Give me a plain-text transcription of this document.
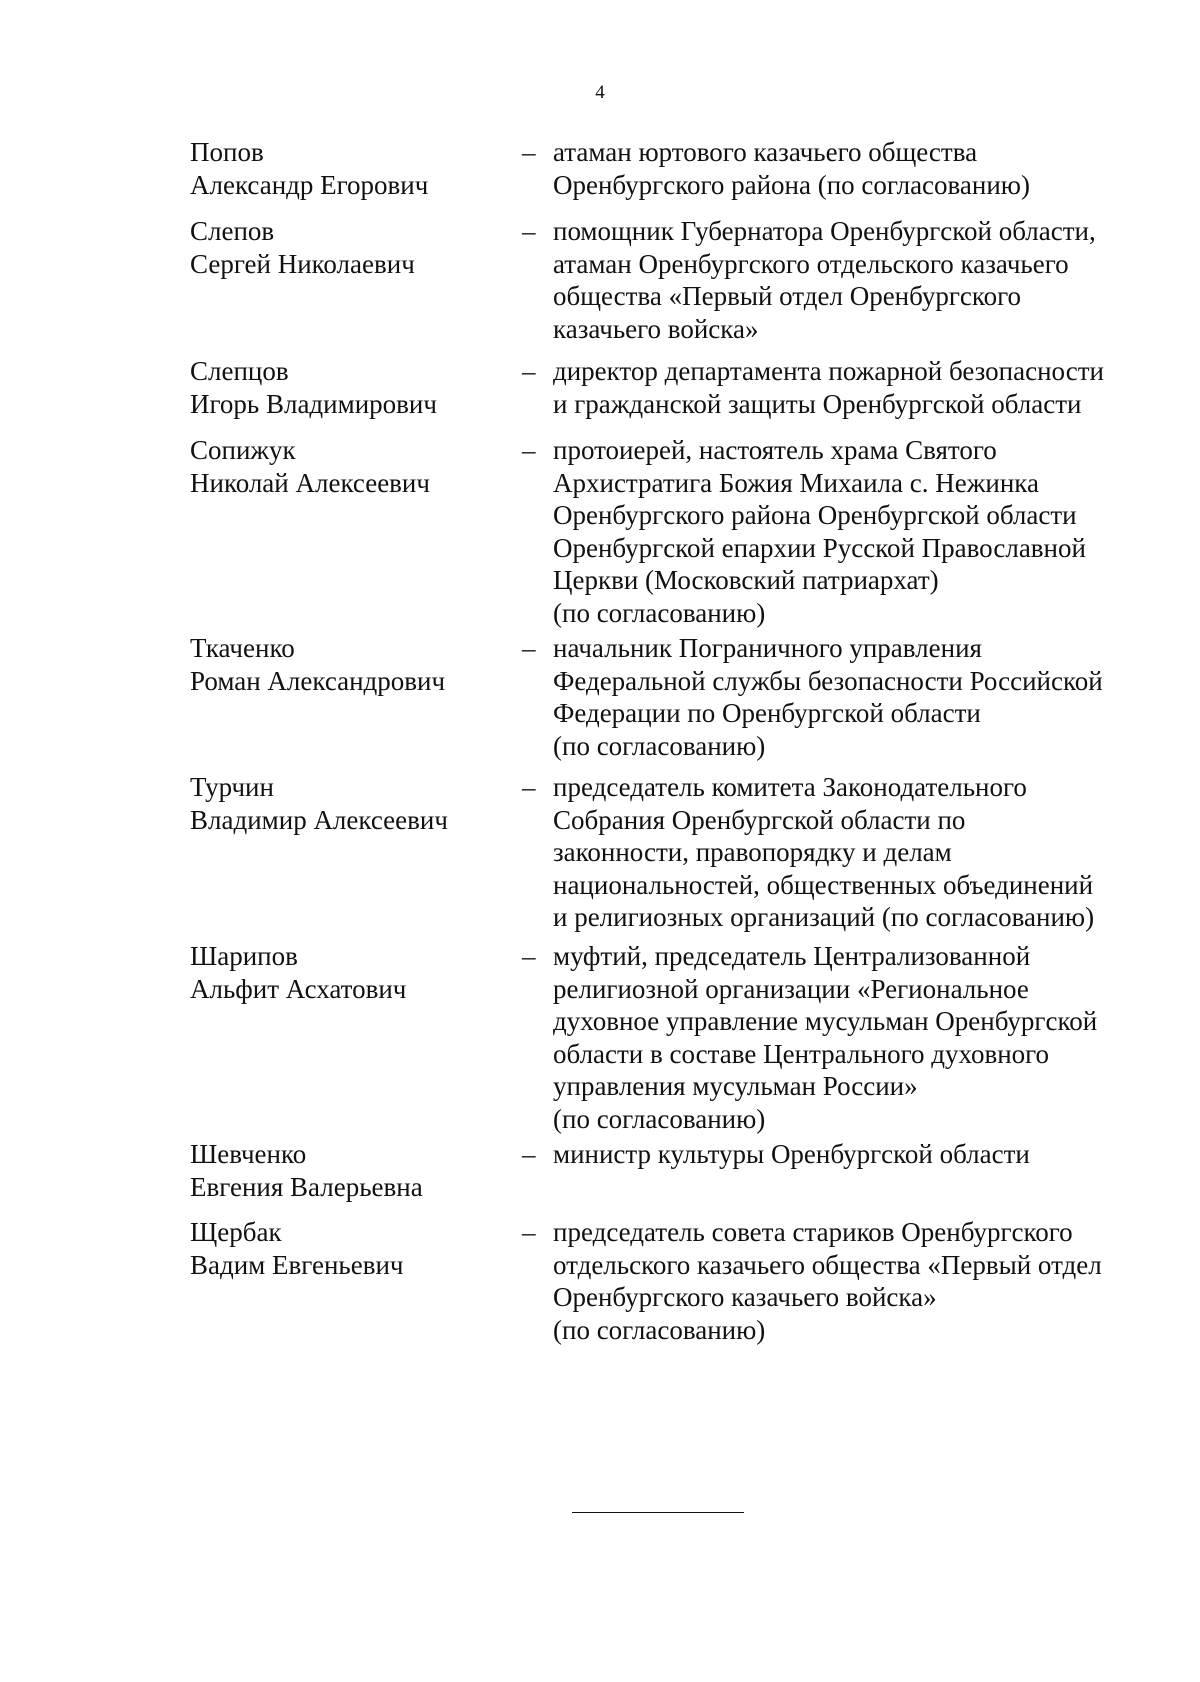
4
Попов
Александр Егорович
– атаман юртового казачьего общества
Оренбургского района (по согласованию)
Слепов
Сергей Николаевич
– помощник Губернатора Оренбургской области,
атаман Оренбургского отдельского казачьего
общества «Первый отдел Оренбургского
казачьего войска»
Слепцов
Игорь Владимирович
– директор департамента пожарной безопасности
и гражданской защиты Оренбургской области
Сопижук
Николай Алексеевич
– протоиерей, настоятель храма Святого
Архистратига Божия Михаила с. Нежинка
Оренбургского района Оренбургской области
Оренбургской епархии Русской Православной
Церкви (Московский патриархат)
(по согласованию)
Ткаченко
Роман Александрович
– начальник Пограничного управления
Федеральной службы безопасности Российской
Федерации по Оренбургской области
(по согласованию)
Турчин
Владимир Алексеевич
– председатель комитета Законодательного
Собрания Оренбургской области по
законности, правопорядку и делам
национальностей, общественных объединений
и религиозных организаций (по согласованию)
Шарипов
Альфит Асхатович
– муфтий, председатель Централизованной
религиозной организации «Региональное
духовное управление мусульман Оренбургской
области в составе Центрального духовного
управления мусульман России»
(по согласованию)
Шевченко
Евгения Валерьевна
– министр культуры Оренбургской области
Щербак
Вадим Евгеньевич
– председатель совета стариков Оренбургского
отдельского казачьего общества «Первый отдел
Оренбургского казачьего войска»
(по согласованию)
